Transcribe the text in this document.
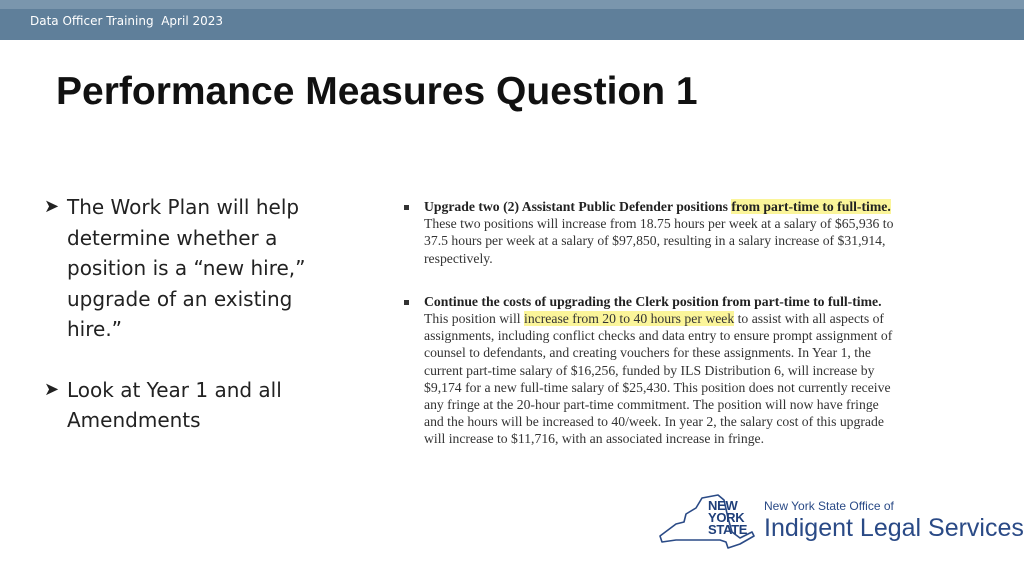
Data Officer Training  April 2023
Performance Measures Question 1
➤ The Work Plan will help determine whether a position is a “new hire,” upgrade of an existing hire.”
➤ Look at Year 1 and all Amendments
Upgrade two (2) Assistant Public Defender positions from part-time to full-time. These two positions will increase from 18.75 hours per week at a salary of $65,936 to 37.5 hours per week at a salary of $97,850, resulting in a salary increase of $31,914, respectively.
Continue the costs of upgrading the Clerk position from part-time to full-time. This position will increase from 20 to 40 hours per week to assist with all aspects of assignments, including conflict checks and data entry to ensure prompt assignment of counsel to defendants, and creating vouchers for these assignments. In Year 1, the current part-time salary of $16,256, funded by ILS Distribution 6, will increase by $9,174 for a new full-time salary of $25,430. This position does not currently receive any fringe at the 20-hour part-time commitment. The position will now have fringe and the hours will be increased to 40/week. In year 2, the salary cost of this upgrade will increase to $11,716, with an associated increase in fringe.
NEW
YORK
STATE
New York State Office of
Indigent Legal Services
